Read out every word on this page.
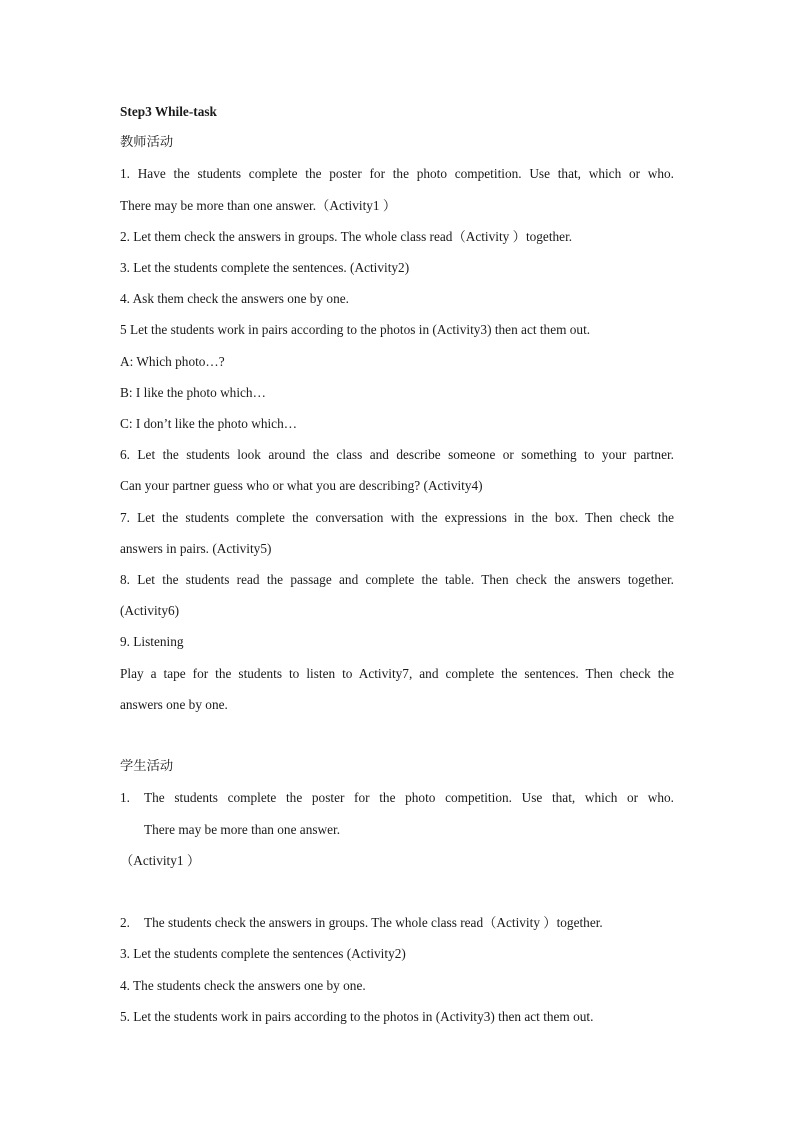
Step3 While-task
教师活动
1. Have the students complete the poster for the photo competition. Use that, which or who.
There may be more than one answer.（Activity1 ）
2. Let them check the answers in groups. The whole class read（Activity ）together.
3. Let the students complete the sentences. (Activity2)
4. Ask them check the answers one by one.
5 Let the students work in pairs according to the photos in (Activity3) then act them out.
A: Which photo…?
B: I like the photo which…
C: I don’t like the photo which…
6. Let the students look around the class and describe someone or something to your partner.
Can your partner guess who or what you are describing? (Activity4)
7. Let the students complete the conversation with the expressions in the box. Then check the
answers in pairs. (Activity5)
8. Let the students read the passage and complete the table. Then check the answers together.
(Activity6)
9. Listening
Play a tape for the students to listen to Activity7, and complete the sentences. Then check the
answers one by one.
学生活动
1.	The students complete the poster for the photo competition. Use that, which or who.
There may be more than one answer.
（Activity1 ）
2.	The students check the answers in groups. The whole class read（Activity ）together.
3. Let the students complete the sentences (Activity2)
4. The students check the answers one by one.
5. Let the students work in pairs according to the photos in (Activity3) then act them out.
